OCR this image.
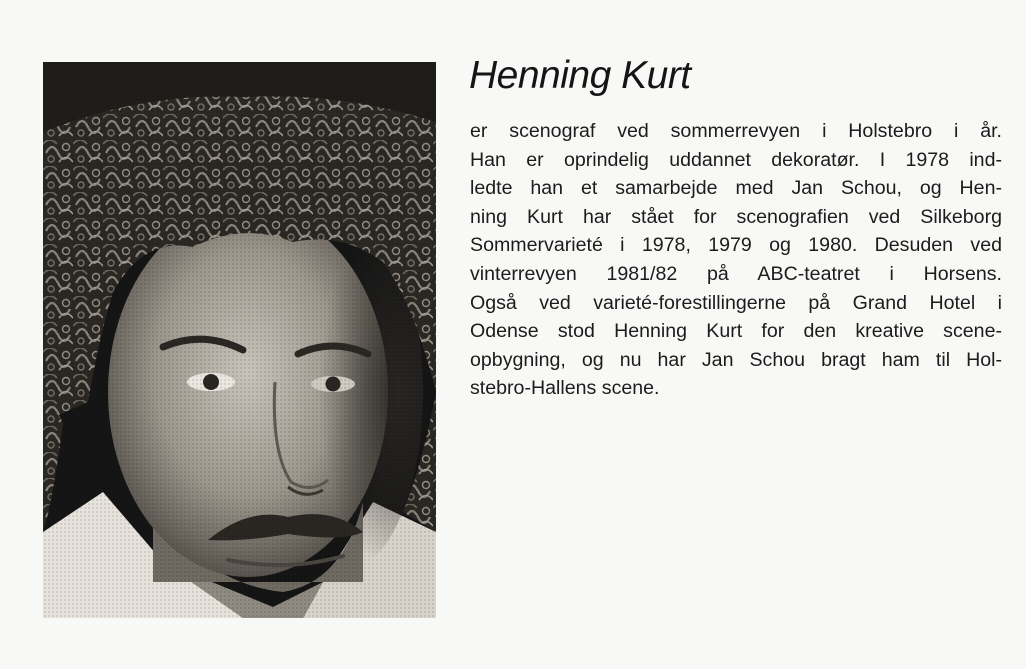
Henning Kurt
er scenograf ved sommerrevyen i Holstebro i år.
Han er oprindelig uddannet dekoratør. I 1978 ind-
ledte han et samarbejde med Jan Schou, og Hen-
ning Kurt har stået for scenografien ved Silkeborg
Sommervarieté i 1978, 1979 og 1980. Desuden ved
vinterrevyen 1981/82 på ABC-teatret i Horsens.
Også ved varieté-forestillingerne på Grand Hotel i
Odense stod Henning Kurt for den kreative scene-
opbygning, og nu har Jan Schou bragt ham til Hol-
stebro-Hallens scene.
